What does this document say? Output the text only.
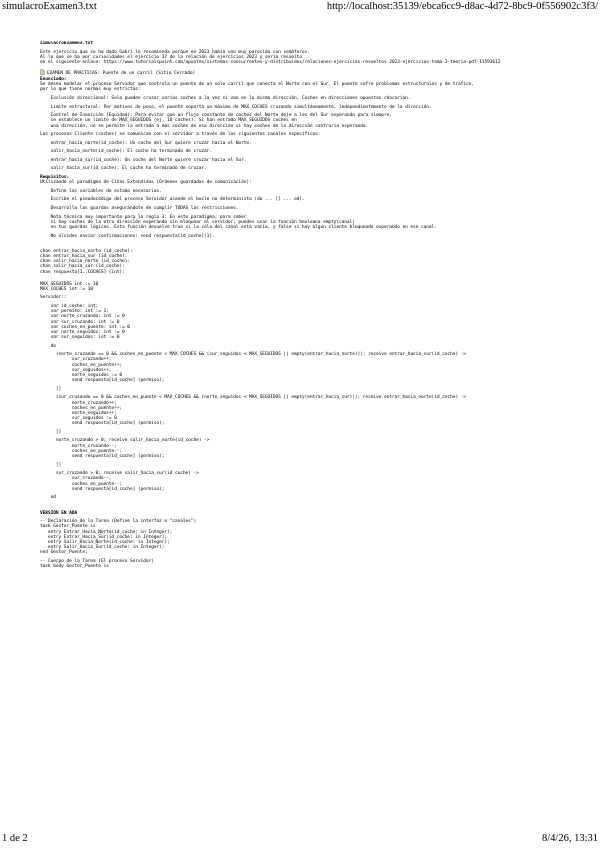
simulacroExamen3.txt	http://localhost:35139/ebca6cc9-d8ac-4d72-8bc9-0f556902c3f3/
simulacroExamen3.txt
Este ejercicio que se ha dado Gabri lo recomienda porque en 2023 había uno muy parecido con semáforos.
Al lo que se ha por curiosidades el ejercicio 37 de la relación de ejercicios 2023 y sería resuelto
en el siguiente enlace: https://www.tutorialspoint.com/apuntes/sistemas-concurrentes-y-distribuidos/relaciones-ejercicios-resueltos-2023-ejercicios-tema-3-teoria-pdf-11593612
EXAMEN DE PRÁCTICAS: Puente de un carril (Sitio Cerrado)
Enunciado:
Se desea modelar el proceso Servidor que controla un puente de un solo carril que conecta el Norte con el Sur. El puente sufre problemas estructurales y de tráfico,
por lo que tiene normas muy estrictas:
Exclusión direccional: Solo pueden cruzar varios coches a la vez si van en la misma dirección. Coches en direcciones opuestas chocarían.
Límite estructural: Por motivos de peso, el puente soporta un máximo de MAX_COCHES cruzando simultáneamente, independientemente de la dirección.
Control de Inanición (Equidad): Para evitar que un flujo constante de coches del Norte deje a los del Sur esperando para siempre,
se establece un límite de MAX_SEGUIDOS (ej. 10 coches). Si han entrado MAX_SEGUIDOS coches en
una dirección, no se permite la entrada a más coches de esa dirección si hay coches de la dirección contraria esperando.
Los procesos Cliente (coches) se comunican con el servidor a través de los siguientes canales específicos:
entrar_hacia_norte(id_coche): Un coche del Sur quiere cruzar hacia el Norte.
salir_hacia_norte(id_coche): El coche ha terminado de cruzar.
entrar_hacia_sur(id_coche): Un coche del Norte quiere cruzar hacia el Sur.
salir_hacia_sur(id_coche): El coche ha terminado de cruzar.
Requisitos:
Utilizando el paradigma de Citas Extendidas (Órdenes guardadas de comunicación):
Define las variables de estado necesarias.
Escribe el pseudocódigo del proceso Servidor usando el bucle no determinista (do ... [] ... od).
Desarrolla las guardas asegurándote de cumplir TODAS las restricciones.
Nota técnica muy importante para la regla 3: En este paradigma, para saber
si hay coches de la otra dirección esperando sin bloquear al servidor, puedes usar la función booleana empty(canal)
en tus guardas lógicas. Esta función devuelve true si la cola del canal está vacía, y false si hay algún cliente bloqueado esperando en ese canal.
No olvides enviar confirmaciones: send respuesta[id_coche](1).
chan entrar_hacia_norte (id_coche):
chan entrar_hacia_sur (id_coche):
chan salir_hacia_norte (id_coche):
chan salir_hacia_sur (id_coche):
chan respuesta[1..COCHES] (int):
MAX_SEGUIDOS int := 10
MAX_COCHES int := 10
Servidor::
var id_coche: int;
var permiso: int := 1;
var norte_cruzando: int := 0
var sur_cruzando: int := 0
var coches_en_puente: int := 0
var norte_seguidos: int := 0
var sur_seguidos: int := 0
do
(norte_cruzando == 0 && coches_en_puente < MAX_COCHES && (sur_seguidos < MAX_SEGUIDOS || empty(entrar_hacia_norte))); receive entrar_hacia_sur(id_coche) ->
sur_cruzando++;
coches_en_puente++;
sur_seguidos++;
norte_seguidos := 0
send respuesta[id_coche] (permiso);
[]
(sur_cruzando == 0 && coches_en_puente < MAX_COCHES && (norte_seguidos < MAX_SEGUIDOS || empty(entrar_hacia_sur))); receive entrar_hacia_norte(id_coche) ->
norte_cruzando++;
coches_en_puente++;
norte_seguidos++;
sur_seguidos := 0
send respuesta[id_coche] (permiso);
[]
norte_cruzando > 0; receive salir_hacia_norte(id_coche) ->
norte_cruzando--;
coches_en_puente--;
send respuesta[id_coche] (permiso);
[]
sur_cruzando > 0; receive salir_hacia_sur(id_coche) ->
sur_cruzando--;
coches_en_puente--;
send respuesta[id_coche] (permiso);
od
VERSIÓN EN ADA
-- Declaración de la Tarea (Define la interfaz o "canales")
task Gestor_Puente is
entry Entrar_Hacia_Norte(id_coche: in Integer);
entry Entrar_Hacia_Sur(id_coche: in Integer);
entry Salir_Hacia_Norte(id_coche: in Integer);
entry Salir_Hacia_Sur(id_coche: in Integer);
end Gestor_Puente;
-- Cuerpo de la Tarea (El proceso Servidor)
task body Gestor_Puente is
1 de 2	8/4/26, 13:31
